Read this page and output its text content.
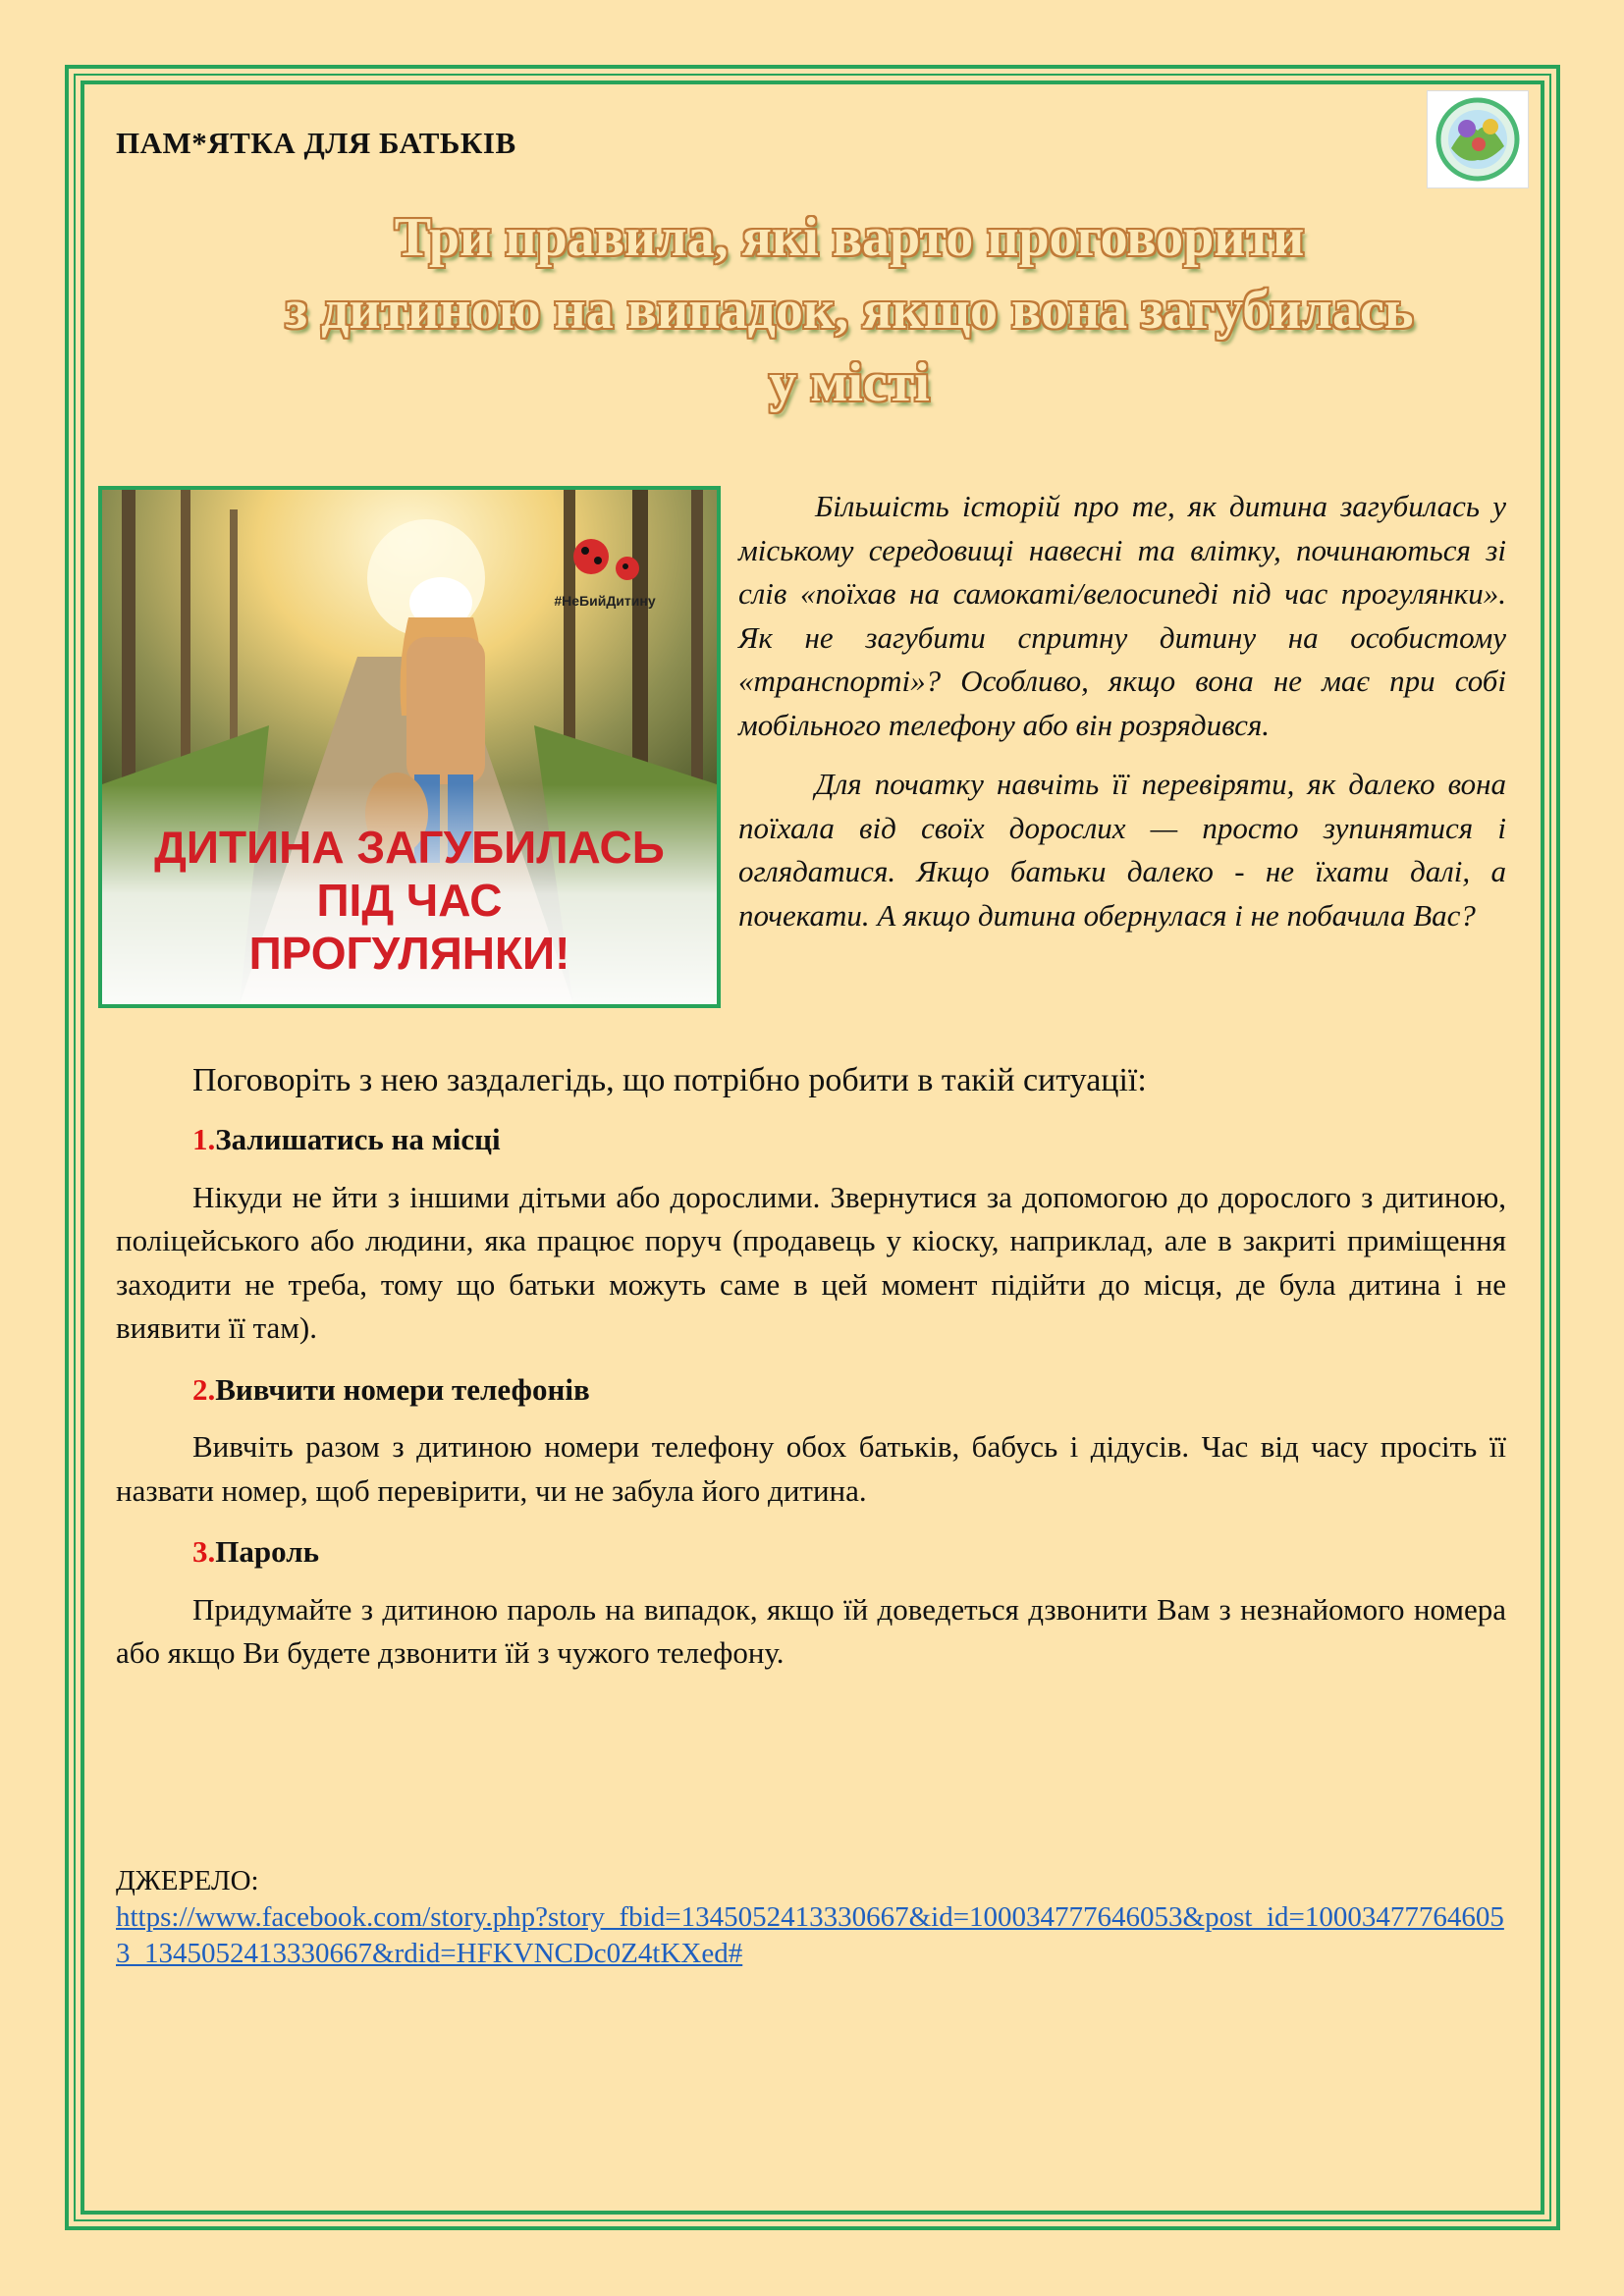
ПАМ*ЯТКА ДЛЯ БАТЬКІВ
Три правила, які варто проговорити
з дитиною на випадок, якщо вона загубилась
у місті
#НеБийДитину
ДИТИНА ЗАГУБИЛАСЬ
ПІД ЧАС
ПРОГУЛЯНКИ!

Більшість історій про те, як дитина загубилась у міському середовищі навесні та влітку, починаються зі слів «поїхав на самокаті/велосипеді під час прогулянки». Як не загубити спритну дитину на особистому «транспорті»? Особливо, якщо вона не має при собі мобільного телефону або він розрядився.

Для початку навчіть її перевіряти, як далеко вона поїхала від своїх дорослих — просто зупинятися і оглядатися. Якщо батьки далеко - не їхати далі, а почекати. А якщо дитина обернулася і не побачила Вас?

Поговоріть з нею заздалегідь, що потрібно робити в такій ситуації:

1.Залишатись на місці

Нікуди не йти з іншими дітьми або дорослими. Звернутися за допомогою до дорослого з дитиною, поліцейського або людини, яка працює поруч (продавець у кіоску, наприклад, але в закриті приміщення заходити не треба, тому що батьки можуть саме в цей момент підійти до місця, де була дитина і не виявити її там).

2.Вивчити номери телефонів

Вивчіть разом з дитиною номери телефону обох батьків, бабусь і дідусів. Час від часу просіть її назвати номер, щоб перевірити, чи не забула його дитина.

3.Пароль

Придумайте з дитиною пароль на випадок, якщо їй доведеться дзвонити Вам з незнайомого номера або якщо Ви будете дзвонити їй з чужого телефону.

ДЖЕРЕЛО:
https://www.facebook.com/story.php?story_fbid=1345052413330667&id=100034777646053&post_id=100034777646053_1345052413330667&rdid=HFKVNCDc0Z4tKXed#
